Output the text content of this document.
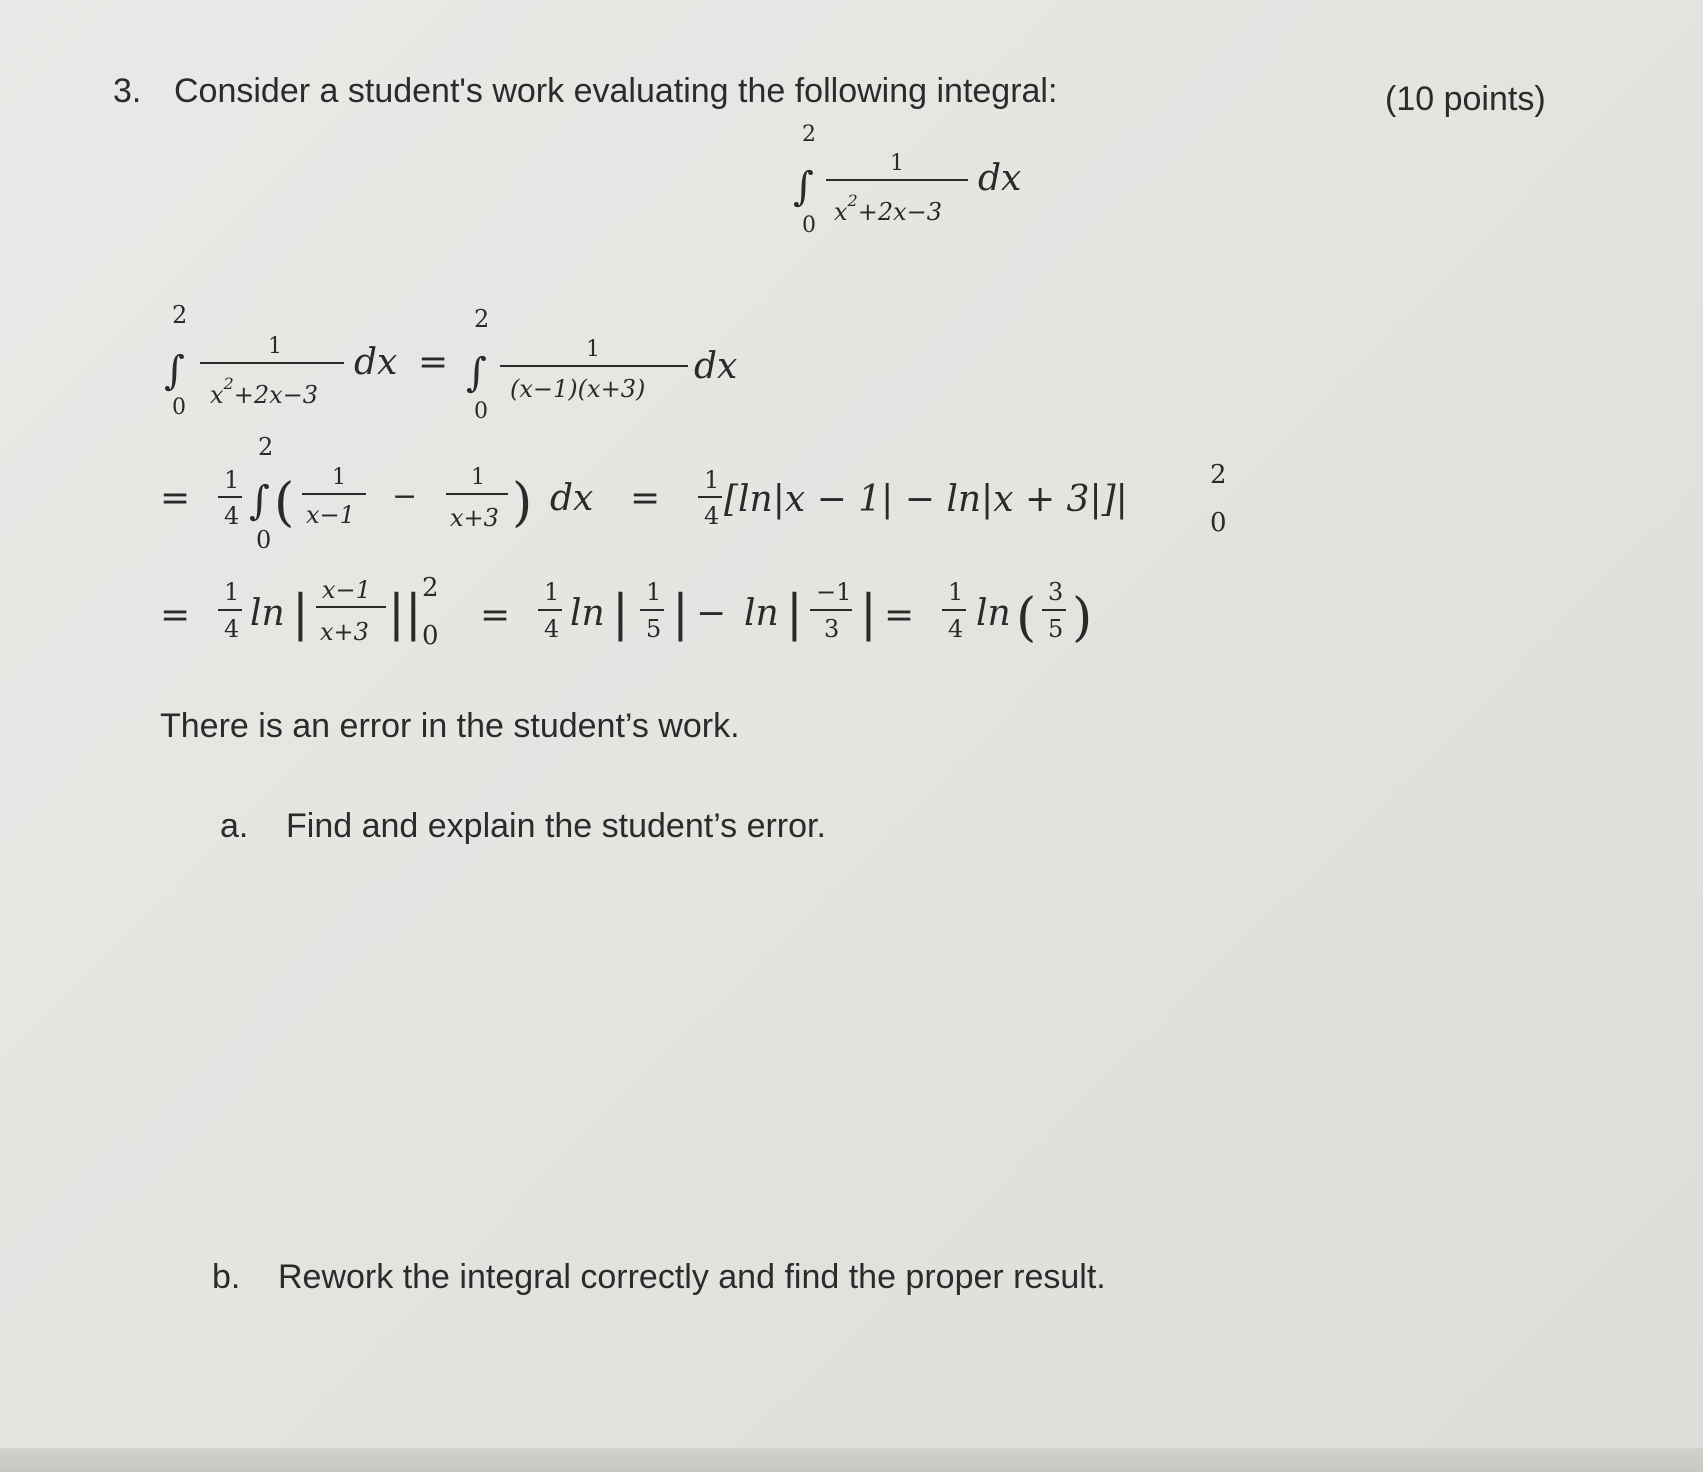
3. Consider a student's work evaluating the following integral:	(10 points)
2
∫
0
1
$x^2+2x-3$
dx
2
∫
0
1
$x^2+2x-3$
dx =
2
∫
0
1
(x−1)(x+3)
dx
= 1
4
2
∫
0
( 1
x−1
−
1
x+3 ) dx = 1
4 [ln|x − 1| − ln|x + 3|]|
2
0
=
1
4 ln | x−1
x+3 || 2
0 =
1
4 ln | 1
5 | − ln | −1
3 | =
1
4 ln ( 3
5 )
There is an error in the student’s work.
a. Find and explain the student’s error.
b. Rework the integral correctly and find the proper result.
